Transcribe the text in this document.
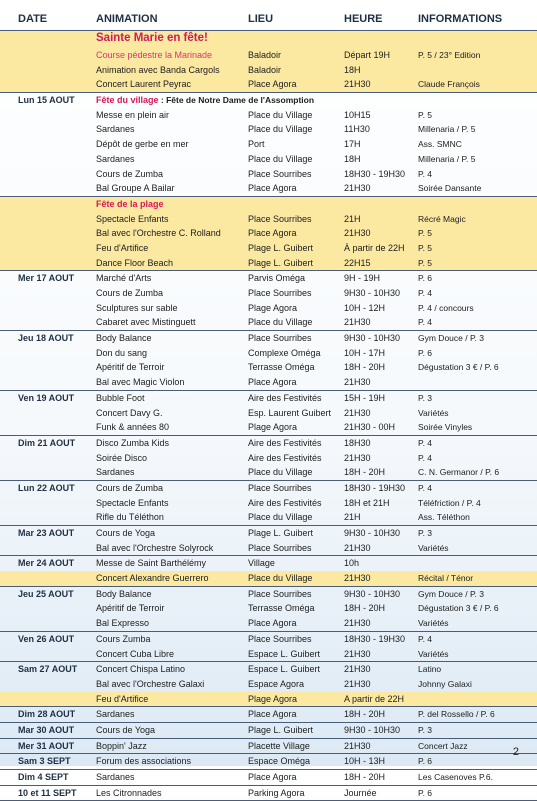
DATE	ANIMATION	LIEU	HEURE	INFORMATIONS
Sainte Marie en fête!
Course pédestre la Marinade	Baladoir	Départ 19H	P. 5 / 23° Edition
Animation avec Banda Cargols	Baladoir	18H
Concert Laurent Peyrac	Place Agora	21H30	Claude François
Lun 15 AOUT	Fête du village : Fête de Notre Dame de l'Assomption
Messe en plein air	Place du Village	10H15	P. 5
Sardanes	Place du Village	11H30	Millenaria / P. 5
Dépôt de gerbe en mer	Port	17H	Ass. SMNC
Sardanes	Place du Village	18H	Millenaria / P. 5
Cours de Zumba	Place Sourribes	18H30 - 19H30 P. 4
Bal Groupe A Bailar	Place Agora	21H30	Soirée Dansante
Fête de la plage
Spectacle Enfants	Place Sourribes	21H	Récré Magic
Bal avec l'Orchestre C. Rolland	Place Agora	21H30	P. 5
Feu d'Artifice	Plage L. Guibert	À partir de 22H P. 5
Dance Floor Beach	Plage L. Guibert	22H15	P. 5
Mer 17 AOUT	Marché d'Arts	Parvis Oméga	9H - 19H	P. 6
Cours de Zumba	Place Sourribes	9H30 - 10H30 P. 4
Sculptures sur sable	Plage Agora	10H - 12H	P. 4 / concours
Cabaret avec Mistinguett	Place du Village	21H30	P. 4
Jeu 18 AOUT	Body Balance	Place Sourribes	9H30 - 10H30 Gym Douce / P. 3
Don du sang	Complexe Oméga	10H - 17H	P. 6
Apéritif de Terroir	Terrasse Oméga	18H - 20H	Dégustation 3 € / P. 6
Bal avec Magic Violon	Place Agora	21H30
Ven 19 AOUT	Bubble Foot	Aire des Festivités 15H - 19H	P. 3
Concert Davy G.	Esp. Laurent Guibert 21H30	Variétés
Funk & années 80	Plage Agora	21H30 - 00H	Soirée Vinyles
Dim 21 AOUT	Disco Zumba Kids	Aire des Festivités 18H30	P. 4
Soirée Disco	Aire des Festivités 21H30	P. 4
Sardanes	Place du Village	18H - 20H	C. N. Germanor / P. 6
Lun 22 AOUT	Cours de Zumba	Place Sourribes	18H30 - 19H30 P. 4
Spectacle Enfants	Aire des Festivités 18H et 21H	Téléfriction / P. 4
Rifle du Téléthon	Place du Village	21H	Ass. Téléthon
Mar 23 AOUT	Cours de Yoga	Plage L. Guibert	9H30 - 10H30 P. 3
Bal avec l'Orchestre Solyrock	Place Sourribes	21H30	Variétés
Mer 24 AOUT	Messe de Saint Barthélémy	Village	10h
Concert Alexandre Guerrero	Place du Village	21H30	Récital / Ténor
Jeu 25 AOUT	Body Balance	Place Sourribes	9H30 - 10H30 Gym Douce / P. 3
Apéritif de Terroir	Terrasse Oméga	18H - 20H	Dégustation 3 € / P. 6
Bal Expresso	Place Agora	21H30	Variétés
Ven 26 AOUT	Cours Zumba	Place Sourribes	18H30 - 19H30 P. 4
Concert Cuba Libre	Espace L. Guibert	21H30	Variétés
Sam 27 AOUT	Concert Chispa Latino	Espace L. Guibert	21H30	Latino
Bal avec l'Orchestre Galaxi	Espace Agora	21H30	Johnny Galaxi
Feu d'Artifice	Plage Agora	A partir de 22H
Dim 28 AOUT	Sardanes	Place Agora	18H - 20H	P. del Rossello / P. 6
Mar 30 AOUT	Cours de Yoga	Plage L. Guibert	9H30 - 10H30 P. 3
Mer 31 AOUT	Boppin' Jazz	Placette Village	21H30	Concert Jazz
Sam 3 SEPT	Forum des associations	Espace Oméga	10H - 13H	P. 6
Dim 4 SEPT	Sardanes	Place Agora	18H - 20H	Les Casenoves P.6.
10 et 11 SEPT	Les Citronnades	Parking Agora	Journée	P. 6
2
